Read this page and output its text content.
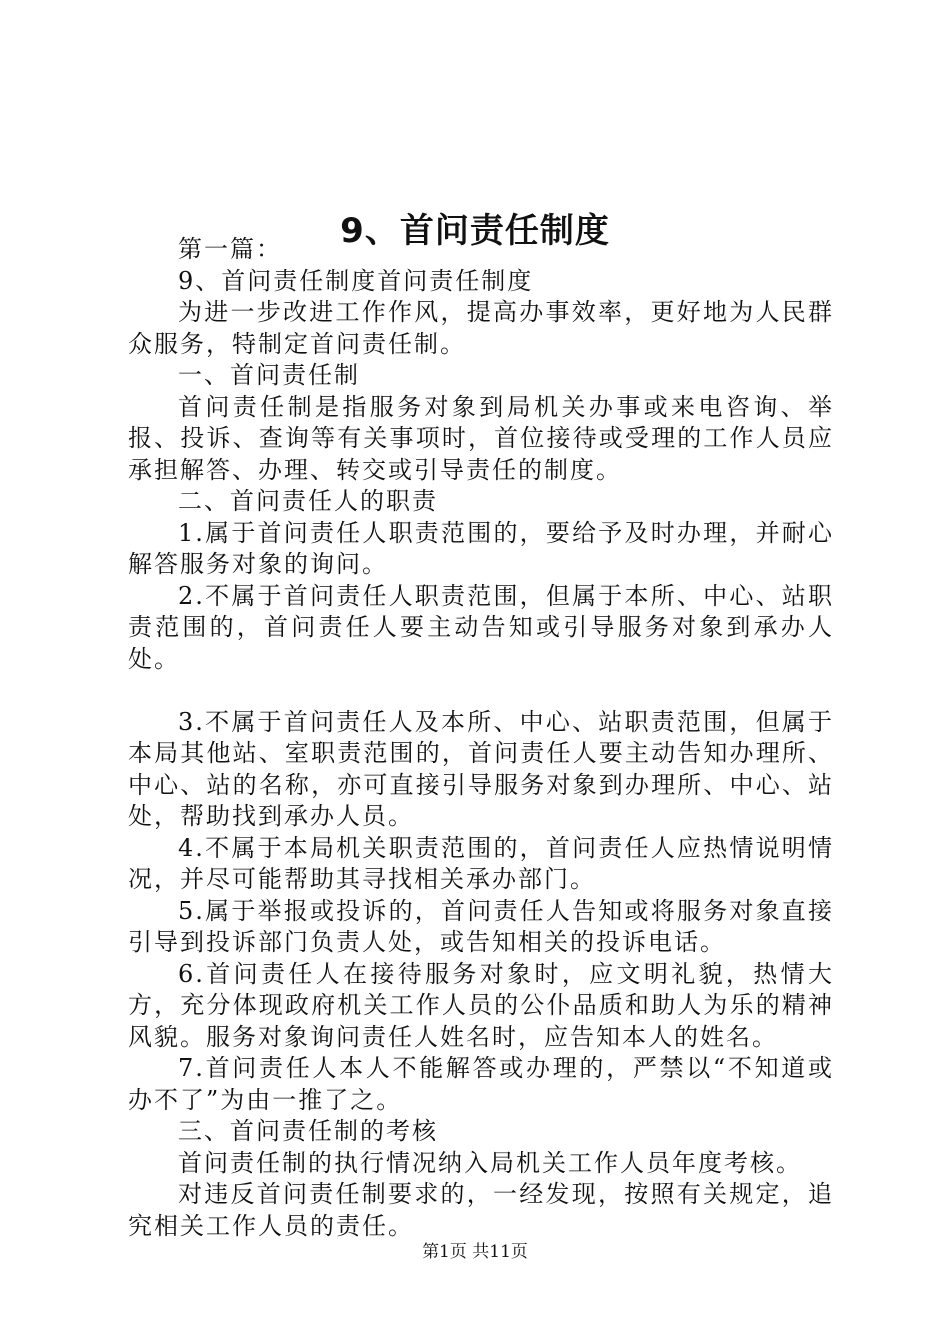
9、首问责任制度

第一篇：

9、首问责任制度首问责任制度

为进一步改进工作作风，提高办事效率，更好地为人民群众服务，特制定首问责任制。

一、首问责任制

首问责任制是指服务对象到局机关办事或来电咨询、举报、投诉、查询等有关事项时，首位接待或受理的工作人员应承担解答、办理、转交或引导责任的制度。

二、首问责任人的职责

1.属于首问责任人职责范围的，要给予及时办理，并耐心解答服务对象的询问。

2.不属于首问责任人职责范围，但属于本所、中心、站职责范围的，首问责任人要主动告知或引导服务对象到承办人处。

3.不属于首问责任人及本所、中心、站职责范围，但属于本局其他站、室职责范围的，首问责任人要主动告知办理所、中心、站的名称，亦可直接引导服务对象到办理所、中心、站处，帮助找到承办人员。

4.不属于本局机关职责范围的，首问责任人应热情说明情况，并尽可能帮助其寻找相关承办部门。

5.属于举报或投诉的，首问责任人告知或将服务对象直接引导到投诉部门负责人处，或告知相关的投诉电话。

6.首问责任人在接待服务对象时，应文明礼貌，热情大方，充分体现政府机关工作人员的公仆品质和助人为乐的精神风貌。服务对象询问责任人姓名时，应告知本人的姓名。

7.首问责任人本人不能解答或办理的，严禁以“不知道或办不了”为由一推了之。

三、首问责任制的考核

首问责任制的执行情况纳入局机关工作人员年度考核。

对违反首问责任制要求的，一经发现，按照有关规定，追究相关工作人员的责任。

第1页 共11页
